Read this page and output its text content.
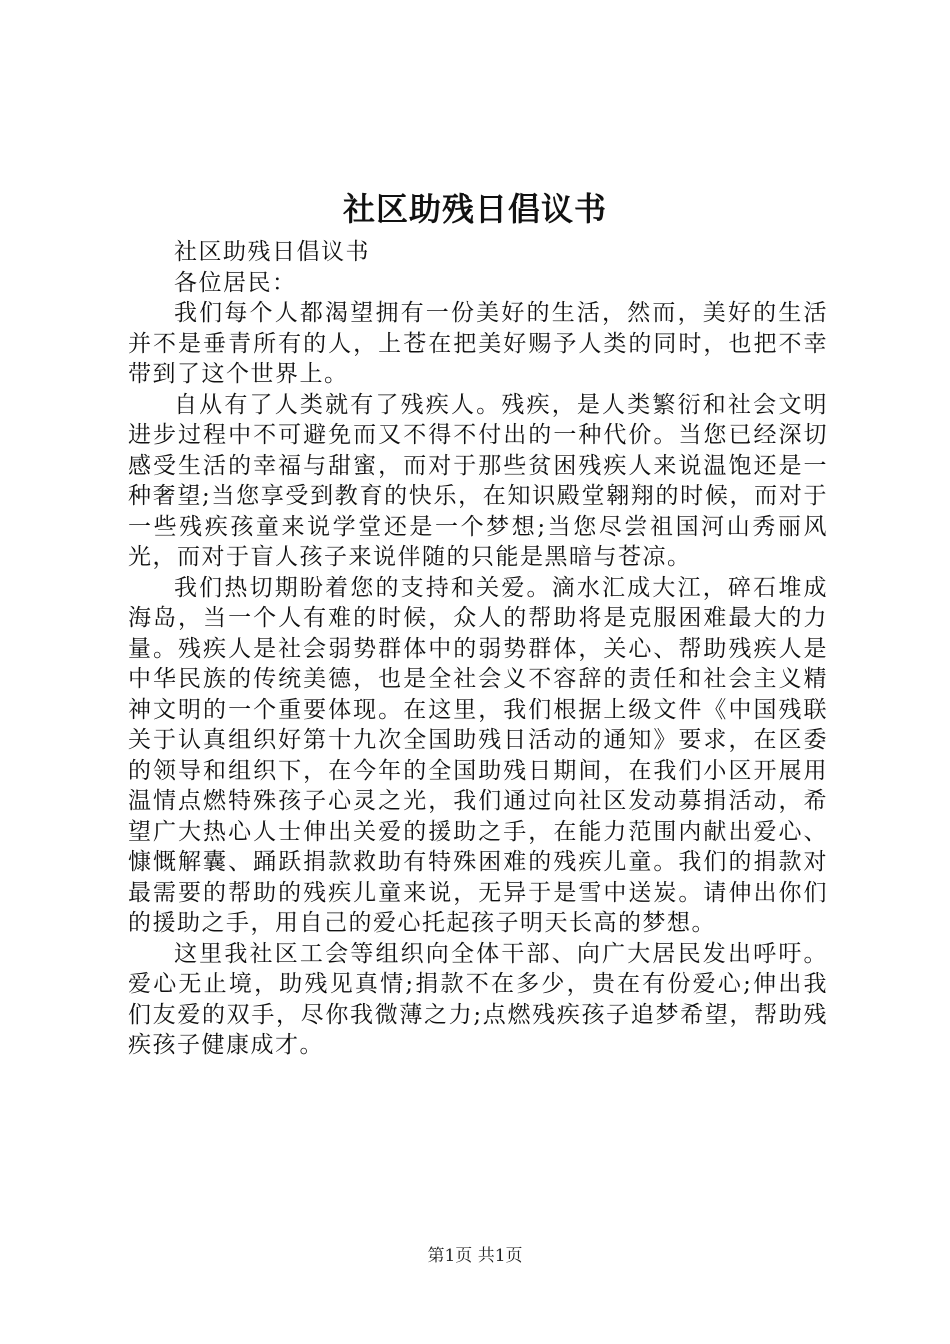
社区助残日倡议书

社区助残日倡议书

各位居民：

我们每个人都渴望拥有一份美好的生活，然而，美好的生活并不是垂青所有的人，上苍在把美好赐予人类的同时，也把不幸带到了这个世界上。

自从有了人类就有了残疾人。残疾，是人类繁衍和社会文明进步过程中不可避免而又不得不付出的一种代价。当您已经深切感受生活的幸福与甜蜜，而对于那些贫困残疾人来说温饱还是一种奢望;当您享受到教育的快乐，在知识殿堂翱翔的时候，而对于一些残疾孩童来说学堂还是一个梦想;当您尽尝祖国河山秀丽风光，而对于盲人孩子来说伴随的只能是黑暗与苍凉。

我们热切期盼着您的支持和关爱。滴水汇成大江，碎石堆成海岛，当一个人有难的时候，众人的帮助将是克服困难最大的力量。残疾人是社会弱势群体中的弱势群体，关心、帮助残疾人是中华民族的传统美德，也是全社会义不容辞的责任和社会主义精神文明的一个重要体现。在这里，我们根据上级文件《中国残联关于认真组织好第十九次全国助残日活动的通知》要求，在区委的领导和组织下，在今年的全国助残日期间，在我们小区开展用温情点燃特殊孩子心灵之光，我们通过向社区发动募捐活动，希望广大热心人士伸出关爱的援助之手，在能力范围内献出爱心、慷慨解囊、踊跃捐款救助有特殊困难的残疾儿童。我们的捐款对最需要的帮助的残疾儿童来说，无异于是雪中送炭。请伸出你们的援助之手，用自己的爱心托起孩子明天长高的梦想。

这里我社区工会等组织向全体干部、向广大居民发出呼吁。爱心无止境，助残见真情;捐款不在多少，贵在有份爱心;伸出我们友爱的双手，尽你我微薄之力;点燃残疾孩子追梦希望，帮助残疾孩子健康成才。

第1页 共1页
